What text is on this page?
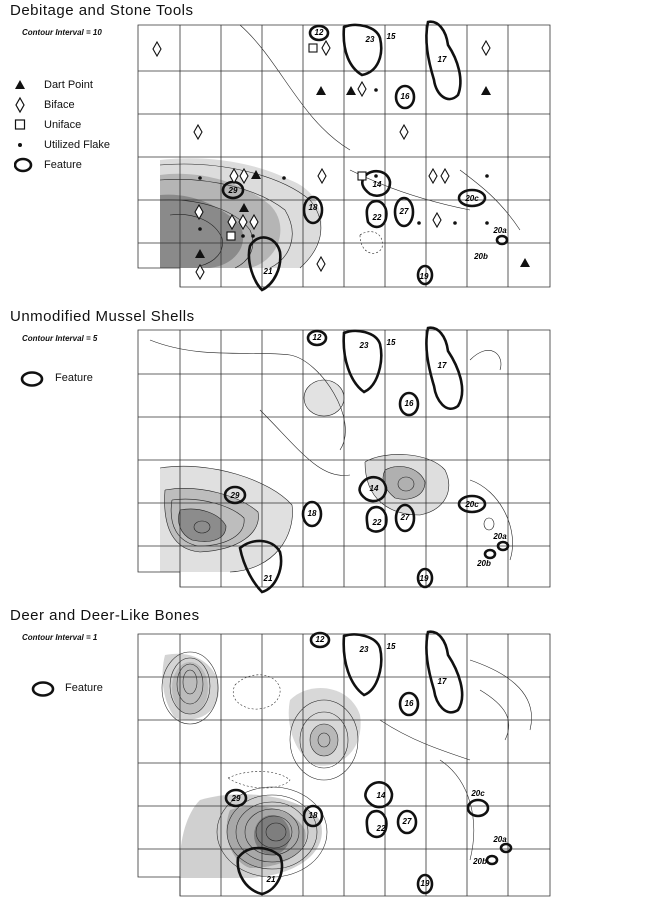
Debitage and Stone Tools
Contour Interval = 10
Dart Point
Biface
Uniface
Utilized Flake
Feature
12
23 15
17
16
14
29
18
22
27
20c
20a
20b
21
19
Unmodified Mussel Shells
Contour Interval = 5
Feature
12
23 15
17
16
14
29
18
22
27
20c
20a
20b
21	19
Deer and Deer-Like Bones
Contour Interval = 1
Feature
12
23 15
17
16
14
29
18
22
27
20c
20a
20b
21	19
